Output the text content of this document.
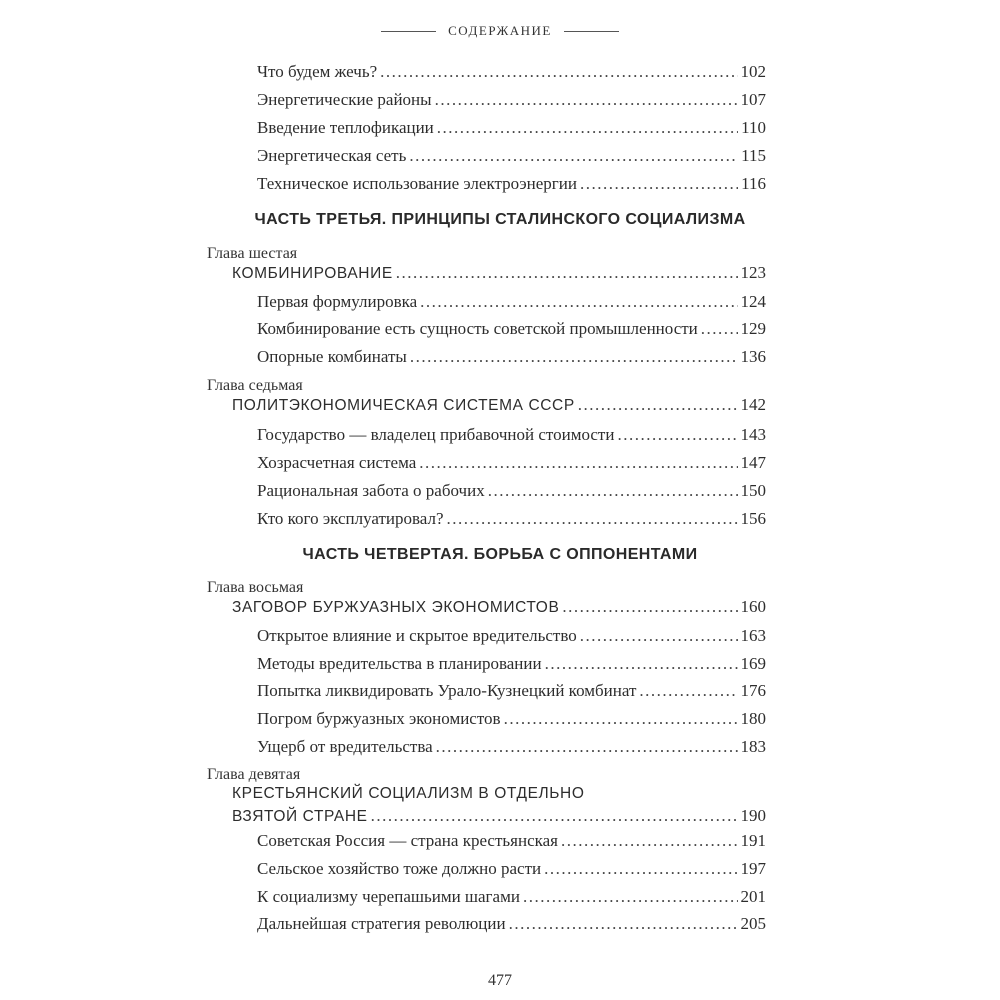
СОДЕРЖАНИЕ
Что будем жечь? .....	102
Энергетические районы .....	107
Введение теплофикации .....	110
Энергетическая сеть .....	115
Техническое использование электроэнергии .....	116
ЧАСТЬ ТРЕТЬЯ. ПРИНЦИПЫ СТАЛИНСКОГО СОЦИАЛИЗМА
Глава шестая
КОМБИНИРОВАНИЕ .....	123
Первая формулировка .....	124
Комбинирование есть сущность советской промышленности .....	129
Опорные комбинаты .....	136
Глава седьмая
ПОЛИТЭКОНОМИЧЕСКАЯ СИСТЕМА СССР .....	142
Государство — владелец прибавочной стоимости .....	143
Хозрасчетная система .....	147
Рациональная забота о рабочих .....	150
Кто кого эксплуатировал? .....	156
ЧАСТЬ ЧЕТВЕРТАЯ. БОРЬБА С ОППОНЕНТАМИ
Глава восьмая
ЗАГОВОР БУРЖУАЗНЫХ ЭКОНОМИСТОВ .....	160
Открытое влияние и скрытое вредительство .....	163
Методы вредительства в планировании .....	169
Попытка ликвидировать Урало-Кузнецкий комбинат .....	176
Погром буржуазных экономистов .....	180
Ущерб от вредительства .....	183
Глава девятая
КРЕСТЬЯНСКИЙ СОЦИАЛИЗМ В ОТДЕЛЬНО
ВЗЯТОЙ СТРАНЕ .....	190
Советская Россия — страна крестьянская .....	191
Сельское хозяйство тоже должно расти .....	197
К социализму черепашьими шагами .....	201
Дальнейшая стратегия революции .....	205
477
